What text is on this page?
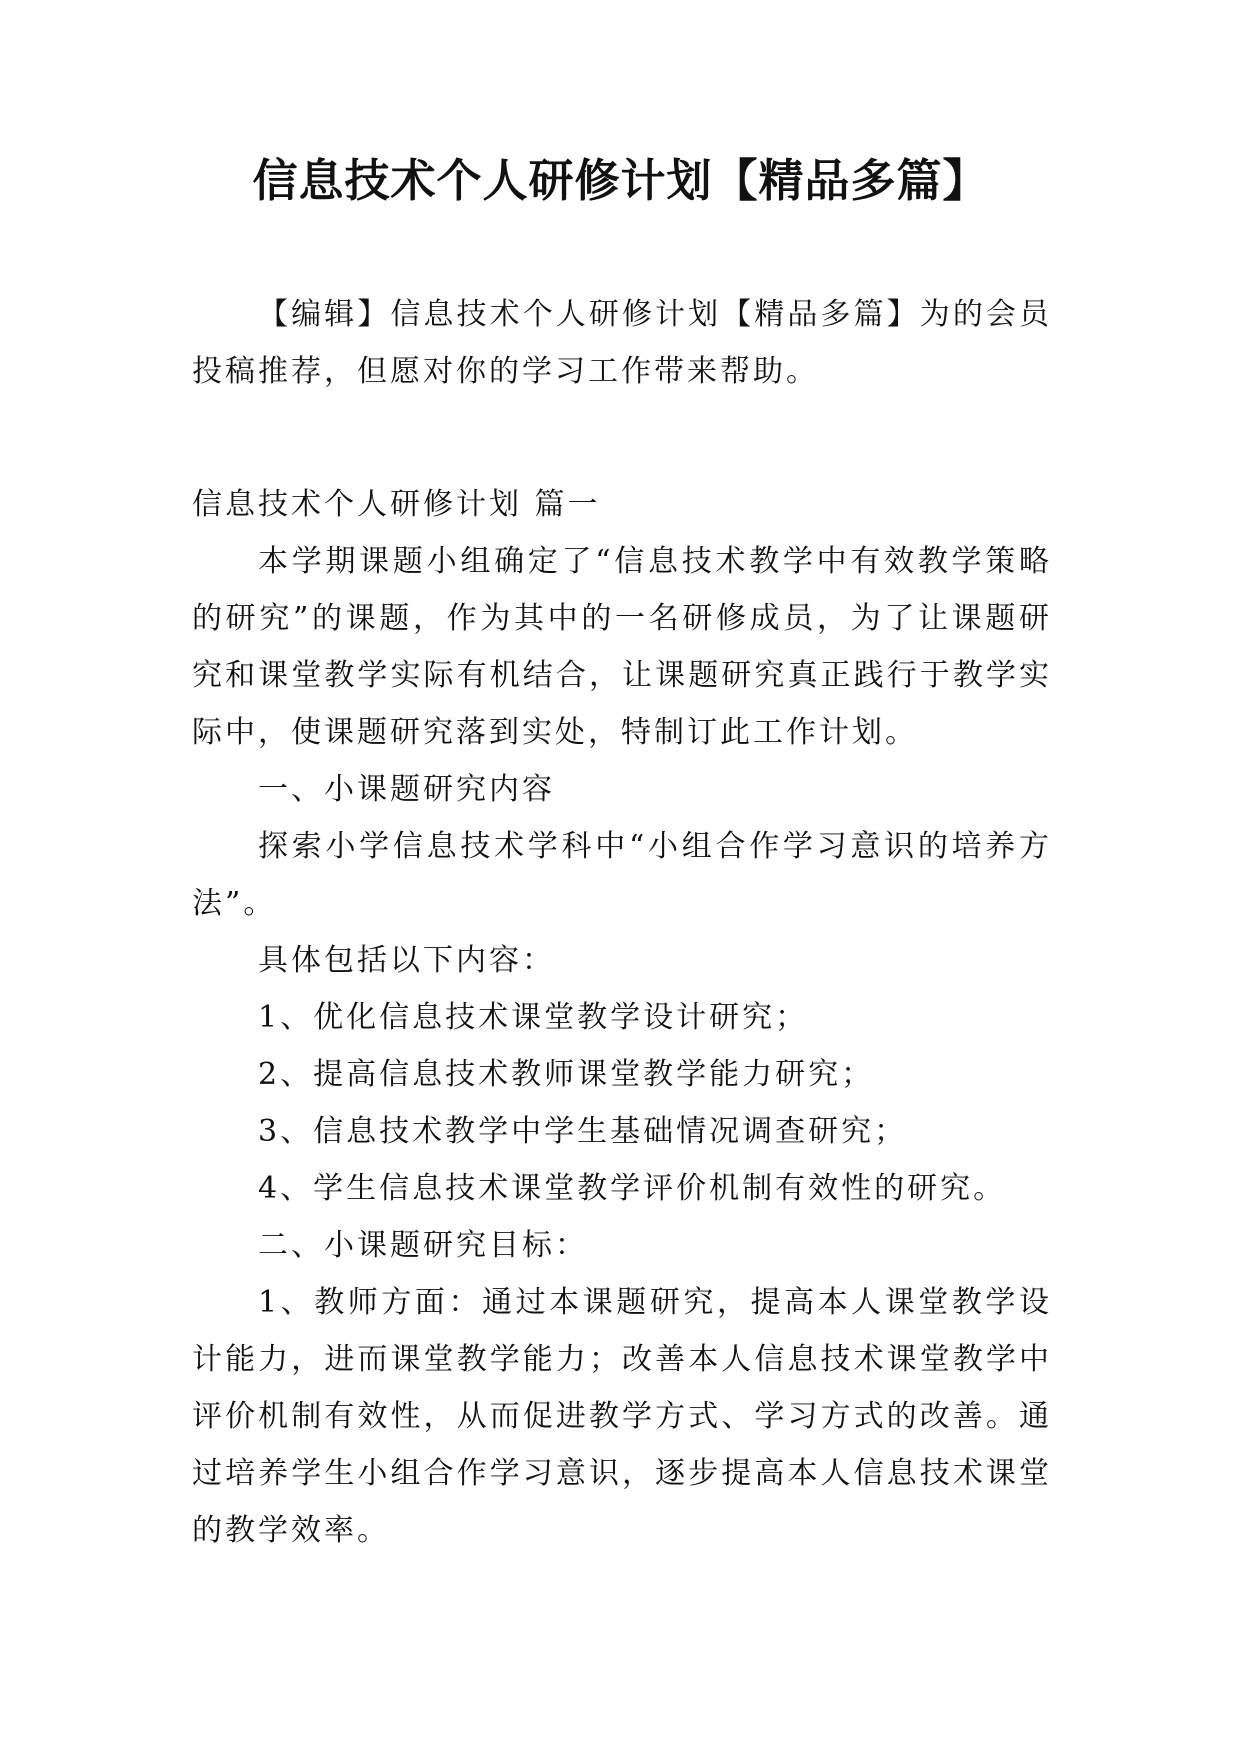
信息技术个人研修计划【精品多篇】

【编辑】信息技术个人研修计划【精品多篇】为的会员投稿推荐，但愿对你的学习工作带来帮助。

信息技术个人研修计划 篇一

本学期课题小组确定了“信息技术教学中有效教学策略的研究”的课题，作为其中的一名研修成员，为了让课题研究和课堂教学实际有机结合，让课题研究真正践行于教学实际中，使课题研究落到实处，特制订此工作计划。

一、小课题研究内容

探索小学信息技术学科中“小组合作学习意识的培养方法”。

具体包括以下内容：

1、优化信息技术课堂教学设计研究；

2、提高信息技术教师课堂教学能力研究；

3、信息技术教学中学生基础情况调查研究；

4、学生信息技术课堂教学评价机制有效性的研究。

二、小课题研究目标：

1、教师方面：通过本课题研究，提高本人课堂教学设计能力，进而课堂教学能力；改善本人信息技术课堂教学中评价机制有效性，从而促进教学方式、学习方式的改善。通过培养学生小组合作学习意识，逐步提高本人信息技术课堂的教学效率。
